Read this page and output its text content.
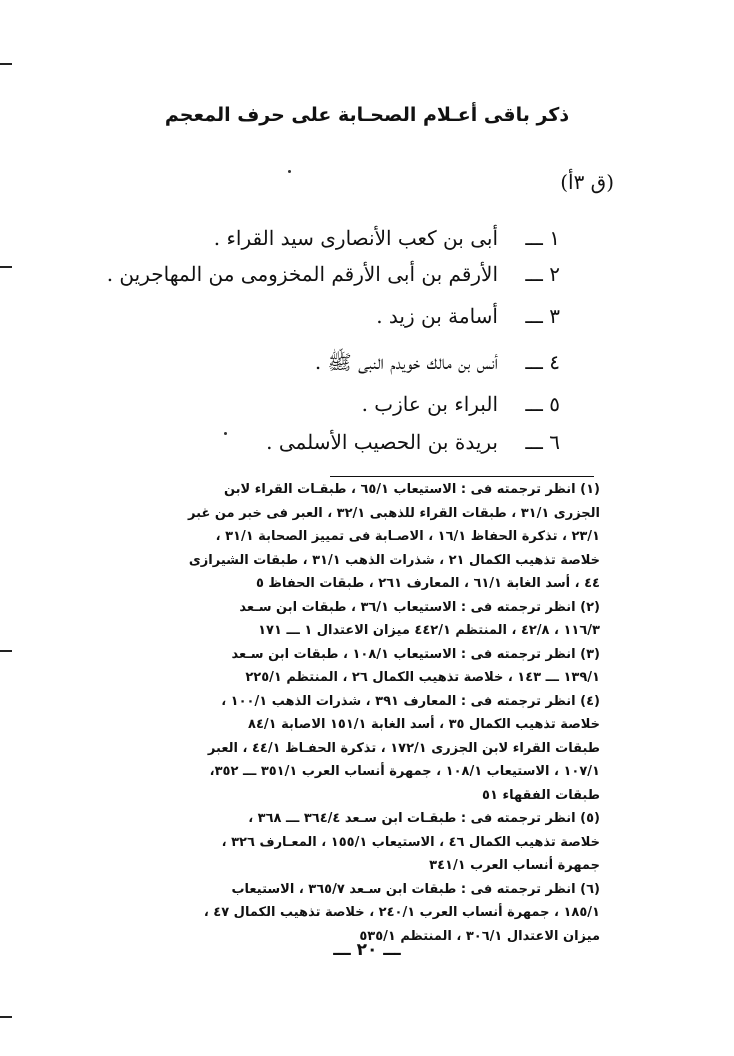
ذكر باقى أعـلام الصحـابة على حرف المعجم
(ق ٣أ)
١ ـــأبى بن كعب الأنصارى سيد القراء .
٢ ـــالأرقم بن أبى الأرقم المخزومى من المهاجرين .
٣ ـــأسامة بن زيد .
٤ ـــأنس بن مالك خويدم النبى ﷺ .
٥ ـــالبراء بن عازب .
٦ ـــبريدة بن الحصيب الأسلمى .
(١) انظر ترجمته فى : الاستيعاب ٦٥/١ ، طبقـات القراء لابن
الجزرى ٣١/١ ، طبقات القراء للذهبى ٣٢/١ ، العبر فى خبر من غبر
٢٣/١ ، تذكرة الحفاظ ١٦/١ ، الاصـابة فى تمييز الصحابة ٣١/١ ،
خلاصة تذهيب الكمال ٢١ ، شذرات الذهب ٣١/١ ، طبقات الشيرازى
٤٤ ، أسد الغابة ٦١/١ ، المعارف ٢٦١ ، طبقات الحفاظ ٥
(٢) انظر ترجمته فى : الاستيعاب ٣٦/١ ، طبقات ابن سـعد
١١٦/٣ ، ٤٢/٨ ، المنتظم ٤٤٢/١ ميزان الاعتدال ١ ـــ ١٧١
(٣) انظر ترجمته فى : الاستيعاب ١٠٨/١ ، طبقات ابن سـعد
١٣٩/١ ـــ ١٤٣ ، خلاصة تذهيب الكمال ٢٦ ، المنتظم ٢٢٥/١
(٤) انظر ترجمته فى : المعارف ٣٩١ ، شذرات الذهب ١٠٠/١ ،
خلاصة تذهيب الكمال ٣٥ ، أسد الغابة ١٥١/١ الاصابة ٨٤/١
طبقات القراء لابن الجزرى ١٧٢/١ ، تذكرة الحفـاظ ٤٤/١ ، العبر
١٠٧/١ ، الاستيعاب ١٠٨/١ ، جمهرة أنساب العرب ٣٥١/١ ـــ ٣٥٢،
طبقات الفقهاء ٥١
(٥) انظر ترجمته فى : طبقـات ابن سـعد ٣٦٤/٤ ـــ ٣٦٨ ،
خلاصة تذهيب الكمال ٤٦ ، الاستيعاب ١٥٥/١ ، المعـارف ٣٢٦ ،
جمهرة أنساب العرب ٣٤١/١
(٦) انظر ترجمته فى : طبقات ابن سـعد ٣٦٥/٧ ، الاستيعاب
١٨٥/١ ، جمهرة أنساب العرب ٢٤٠/١ ، خلاصة تذهيب الكمال ٤٧ ،
ميزان الاعتدال ٣٠٦/١ ، المنتظم ٥٣٥/١
ـــ ٢٠ ـــ
